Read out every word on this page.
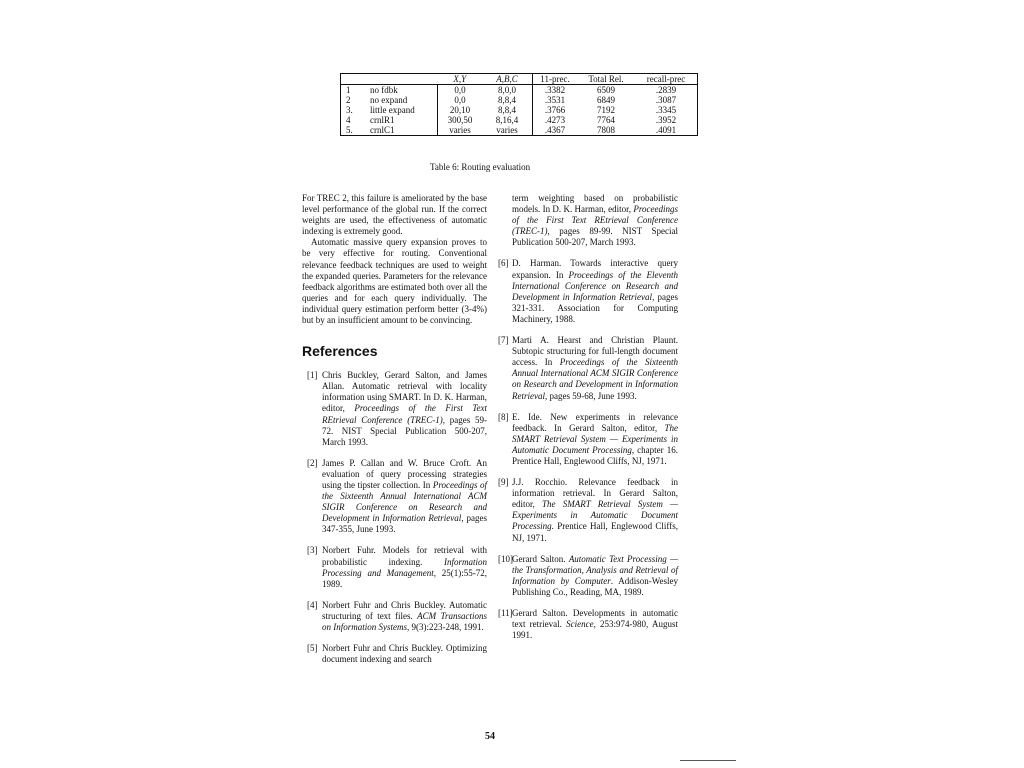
		X,Y	A,B,C	11-prec.	Total Rel.	recall-prec
1	no fdbk	0,0	8,0,0	.3382	6509	.2839
2	no expand	0,0	8,8,4	.3531	6849	.3087
3.	little expand	20,10	8,8,4	.3766	7192	.3345
4	crnlR1	300,50	8,16,4	.4273	7764	.3952
5.	crnlC1	varies	varies	.4367	7808	.4091
Table 6: Routing evaluation

For TREC 2, this failure is ameliorated by the base level performance of the global run. If the correct weights are used, the effectiveness of automatic indexing is extremely good.

Automatic massive query expansion proves to be very effective for routing. Conventional relevance feedback techniques are used to weight the expanded queries. Parameters for the relevance feedback algorithms are estimated both over all the queries and for each query individually. The individual query estimation perform better (3-4%) but by an insufficient amount to be convincing.

References
[1] Chris Buckley, Gerard Salton, and James Allan. Automatic retrieval with locality information using SMART. In D. K. Harman, editor, Proceedings of the First Text REtrieval Conference (TREC-1), pages 59-72. NIST Special Publication 500-207, March 1993.
[2] James P. Callan and W. Bruce Croft. An evaluation of query processing strategies using the tipster collection. In Proceedings of the Sixteenth Annual International ACM SIGIR Conference on Research and Development in Information Retrieval, pages 347-355, June 1993.
[3] Norbert Fuhr. Models for retrieval with probabilistic indexing. Information Processing and Management, 25(1):55-72, 1989.
[4] Norbert Fuhr and Chris Buckley. Automatic structuring of text files. ACM Transactions on Information Systems, 9(3):223-248, 1991.
[5] Norbert Fuhr and Chris Buckley. Optimizing document indexing and search
term weighting based on probabilistic models. In D. K. Harman, editor, Proceedings of the First Text REtrieval Conference (TREC-1), pages 89-99. NIST Special Publication 500-207, March 1993.
[6] D. Harman. Towards interactive query expansion. In Proceedings of the Eleventh International Conference on Research and Development in Information Retrieval, pages 321-331. Association for Computing Machinery, 1988.
[7] Marti A. Hearst and Christian Plaunt. Subtopic structuring for full-length document access. In Proceedings of the Sixteenth Annual International ACM SIGIR Conference on Research and Development in Information Retrieval, pages 59-68, June 1993.
[8] E. Ide. New experiments in relevance feedback. In Gerard Salton, editor, The SMART Retrieval System — Experiments in Automatic Document Processing, chapter 16. Prentice Hall, Englewood Cliffs, NJ, 1971.
[9] J.J. Rocchio. Relevance feedback in information retrieval. In Gerard Salton, editor, The SMART Retrieval System — Experiments in Automatic Document Processing. Prentice Hall, Englewood Cliffs, NJ, 1971.
[10] Gerard Salton. Automatic Text Processing — the Transformation, Analysis and Retrieval of Information by Computer. Addison-Wesley Publishing Co., Reading, MA, 1989.
[11] Gerard Salton. Developments in automatic text retrieval. Science, 253:974-980, August 1991.
54
